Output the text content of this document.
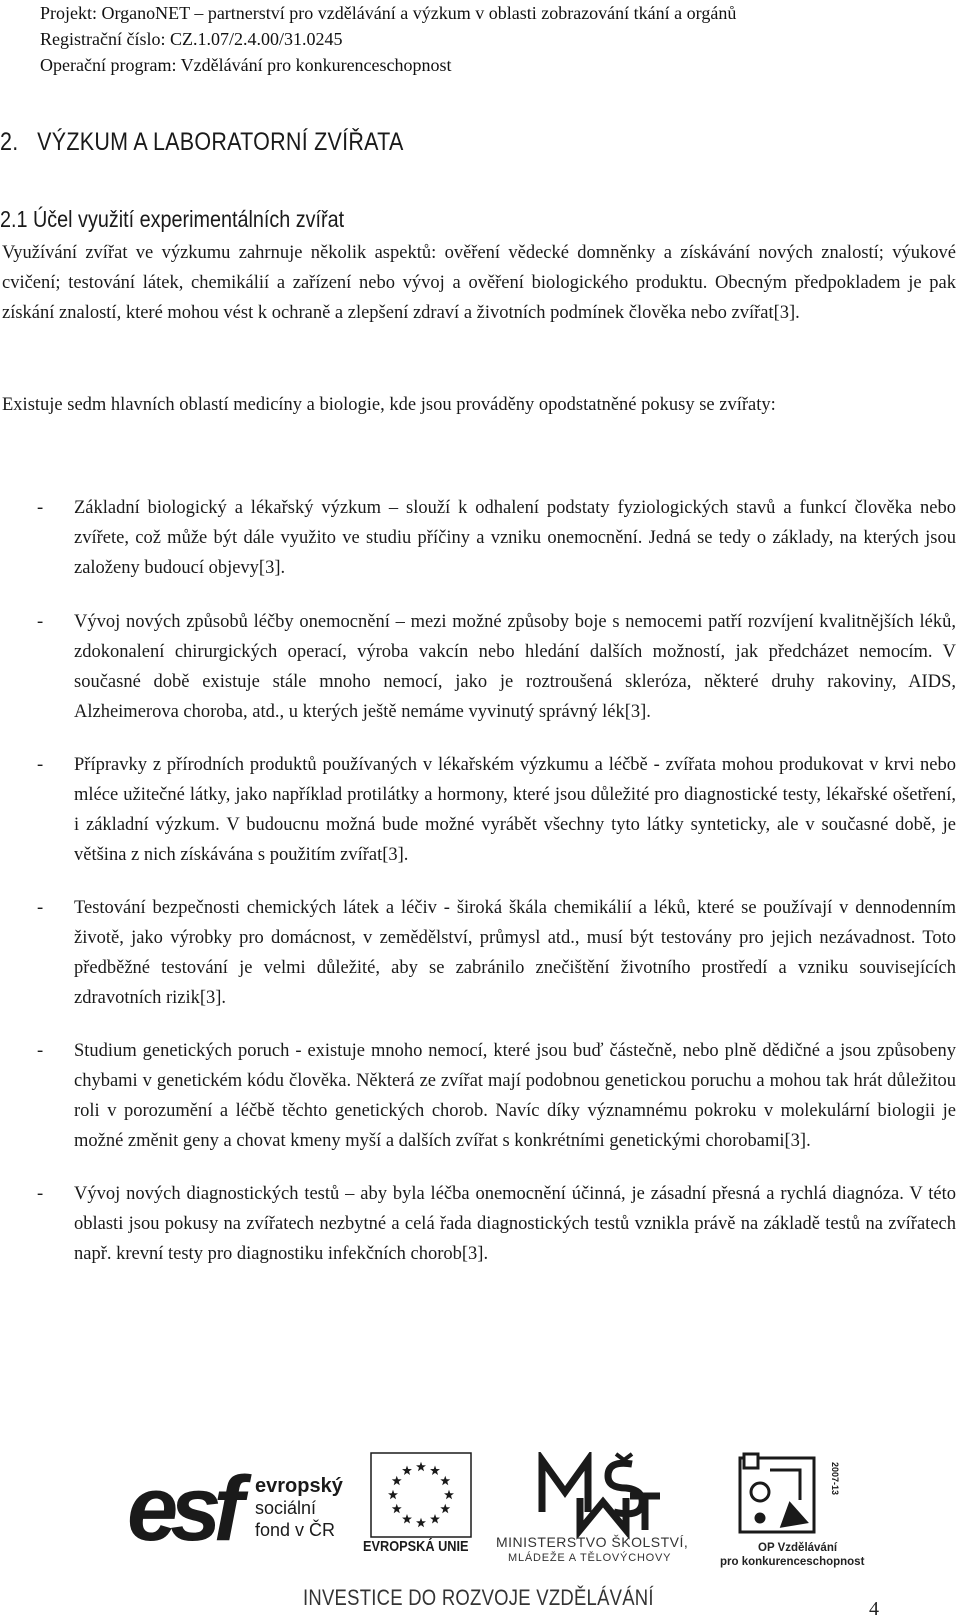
Projekt: OrganoNET – partnerství pro vzdělávání a výzkum v oblasti zobrazování tkání a orgánů
Registrační číslo: CZ.1.07/2.4.00/31.0245
Operační program: Vzdělávání pro konkurenceschopnost
2.   VÝZKUM A LABORATORNÍ ZVÍŘATA
2.1 Účel využití experimentálních zvířat

Využívání zvířat ve výzkumu zahrnuje několik aspektů: ověření vědecké domněnky a získávání nových znalostí; výukové cvičení; testování látek, chemikálií a zařízení nebo vývoj a ověření biologického produktu. Obecným předpokladem je pak získání znalostí, které mohou vést k ochraně a zlepšení zdraví a životních podmínek člověka nebo zvířat[3].

Existuje sedm hlavních oblastí medicíny a biologie, kde jsou prováděny opodstatněné pokusy se zvířaty:

- Základní biologický a lékařský výzkum – slouží k odhalení podstaty fyziologických stavů a funkcí člověka nebo zvířete, což může být dále využito ve studiu příčiny a vzniku onemocnění. Jedná se tedy o základy, na kterých jsou založeny budoucí objevy[3].
- Vývoj nových způsobů léčby onemocnění – mezi možné způsoby boje s nemocemi patří rozvíjení kvalitnějších léků, zdokonalení chirurgických operací, výroba vakcín nebo hledání dalších možností, jak předcházet nemocím. V současné době existuje stále mnoho nemocí, jako je roztroušená skleróza, některé druhy rakoviny, AIDS, Alzheimerova choroba, atd., u kterých ještě nemáme vyvinutý správný lék[3].
- Přípravky z přírodních produktů používaných v lékařském výzkumu a léčbě - zvířata mohou produkovat v krvi nebo mléce užitečné látky, jako například protilátky a hormony, které jsou důležité pro diagnostické testy, lékařské ošetření, i základní výzkum. V budoucnu možná bude možné vyrábět všechny tyto látky synteticky, ale v současné době, je většina z nich získávána s použitím zvířat[3].
- Testování bezpečnosti chemických látek a léčiv - široká škála chemikálií a léků, které se používají v dennodenním životě, jako výrobky pro domácnost, v zemědělství, průmysl atd., musí být testovány pro jejich nezávadnost. Toto předběžné testování je velmi důležité, aby se zabránilo znečištění životního prostředí a vzniku souvisejících zdravotních rizik[3].
- Studium genetických poruch - existuje mnoho nemocí, které jsou buď částečně, nebo plně dědičné a jsou způsobeny chybami v genetickém kódu člověka. Některá ze zvířat mají podobnou genetickou poruchu a mohou tak hrát důležitou roli v porozumění a léčbě těchto genetických chorob. Navíc díky významnému pokroku v molekulární biologii je možné změnit geny a chovat kmeny myší a dalších zvířat s konkrétními genetickými chorobami[3].
- Vývoj nových diagnostických testů – aby byla léčba onemocnění účinná, je zásadní přesná a rychlá diagnóza. V této oblasti jsou pokusy na zvířatech nezbytné a celá řada diagnostických testů vznikla právě na základě testů na zvířatech např. krevní testy pro diagnostiku infekčních chorob[3].
esf evropský
sociální
fond v ČR
EVROPSKÁ UNIE MINISTERSTVO ŠKOLSTVÍ,
MLÁDEŽE A TĚLOVÝCHOVY
2007-13
OP Vzdělávání
pro konkurenceschopnost
INVESTICE DO ROZVOJE VZDĚLÁVÁNÍ	4
